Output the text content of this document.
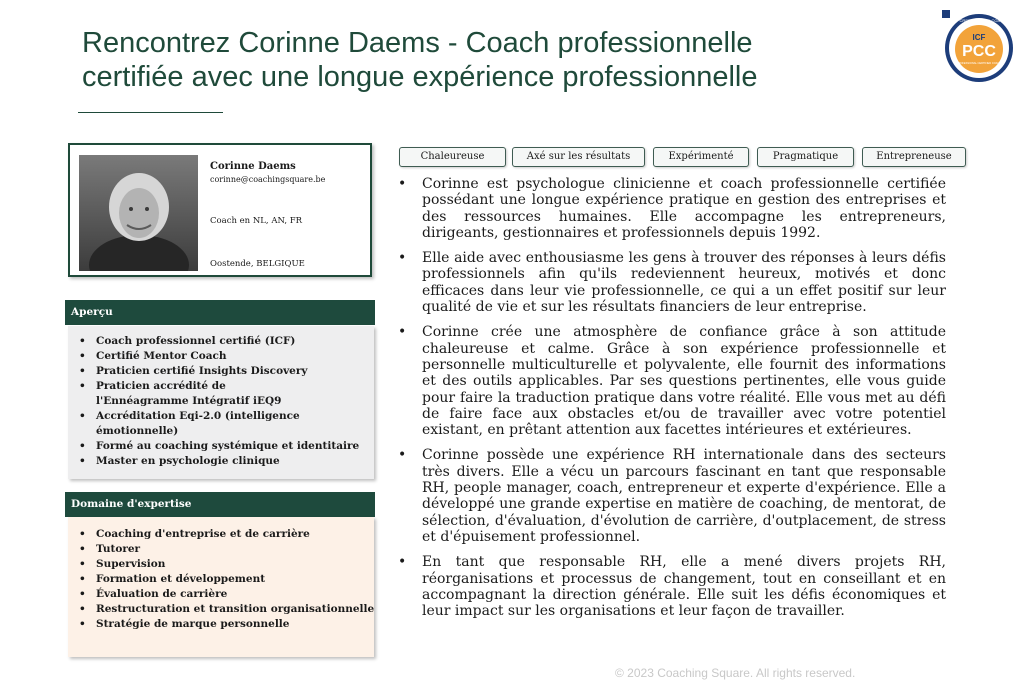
Rencontrez Corinne Daems - Coach professionnelle
certifiée avec une longue expérience professionnelle
ICF CREDENTIALED COACH
ICF
PCC
PROFESSIONAL CERTIFIED COACH
Corinne Daems
corinne@coachingsquare.be
Coach en NL, AN, FR
Oostende, BELGIQUE
Aperçu
• Coach professionnel certifié (ICF)
• Certifié Mentor Coach
• Praticien certifié Insights Discovery
• Praticien accrédité de l'Ennéagramme Intégratif iEQ9
• Accréditation Eqi-2.0 (intelligence émotionnelle)
• Formé au coaching systémique et identitaire
• Master en psychologie clinique
Domaine d'expertise
• Coaching d'entreprise et de carrière
• Tutorer
• Supervision
• Formation et développement
• Évaluation de carrière
• Restructuration et transition organisationnelle
• Stratégie de marque personnelle
Chaleureuse	Axé sur les résultats	Expérimenté	Pragmatique	Entrepreneuse
• Corinne est psychologue clinicienne et coach professionnelle certifiée possédant une longue expérience pratique en gestion des entreprises et des ressources humaines. Elle accompagne les entrepreneurs, dirigeants, gestionnaires et professionnels depuis 1992.
• Elle aide avec enthousiasme les gens à trouver des réponses à leurs défis professionnels afin qu'ils redeviennent heureux, motivés et donc efficaces dans leur vie professionnelle, ce qui a un effet positif sur leur qualité de vie et sur les résultats financiers de leur entreprise.
• Corinne crée une atmosphère de confiance grâce à son attitude chaleureuse et calme. Grâce à son expérience professionnelle et personnelle multiculturelle et polyvalente, elle fournit des informations et des outils applicables. Par ses questions pertinentes, elle vous guide pour faire la traduction pratique dans votre réalité. Elle vous met au défi de faire face aux obstacles et/ou de travailler avec votre potentiel existant, en prêtant attention aux facettes intérieures et extérieures.
• Corinne possède une expérience RH internationale dans des secteurs très divers. Elle a vécu un parcours fascinant en tant que responsable RH, people manager, coach, entrepreneur et experte d'expérience. Elle a développé une grande expertise en matière de coaching, de mentorat, de sélection, d'évaluation, d'évolution de carrière, d'outplacement, de stress et d'épuisement professionnel.
• En tant que responsable RH, elle a mené divers projets RH, réorganisations et processus de changement, tout en conseillant et en accompagnant la direction générale. Elle suit les défis économiques et leur impact sur les organisations et leur façon de travailler.
© 2023 Coaching Square. All rights reserved.
